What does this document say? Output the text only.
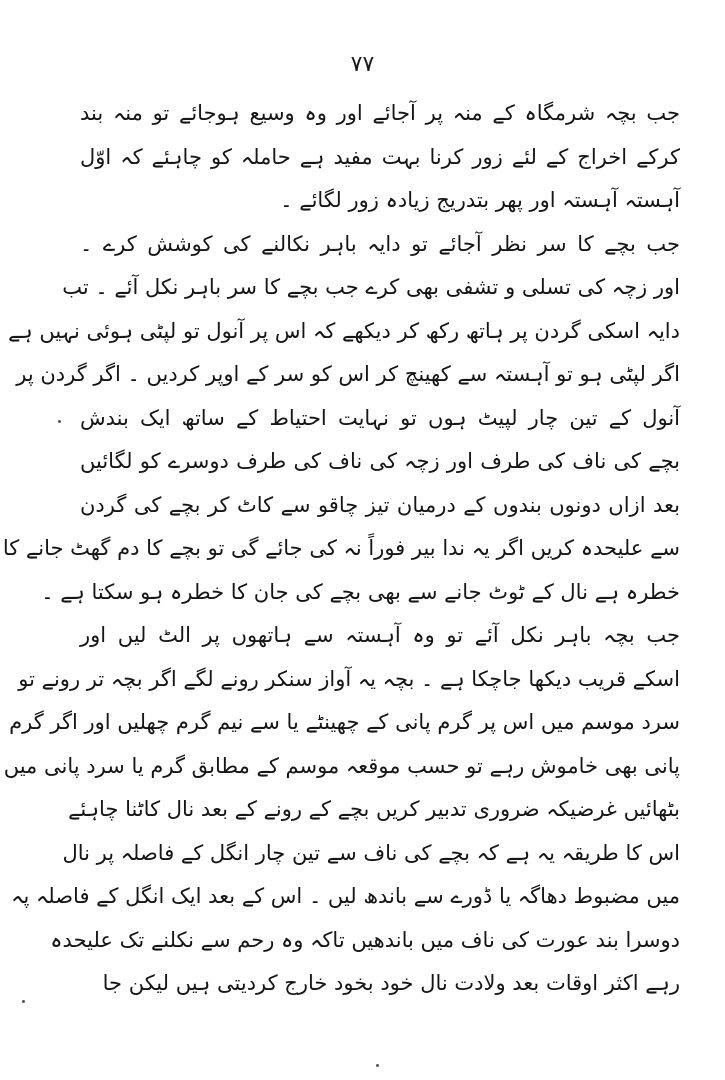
۷۷
جب بچہ شرمگاہ کے منہ پر آجائے اور وہ وسیع ہوجائے تو منہ بند
کرکے اخراج کے لئے زور کرنا بہت مفید ہے حاملہ کو چاہئے کہ اوّل
آہستہ آہستہ اور پھر بتدریج زیادہ زور لگائے ۔
جب بچے کا سر نظر آجائے تو دایہ باہر نکالنے کی کوشش کرے ۔
اور زچہ کی تسلی و تشفی بھی کرے جب بچے کا سر باہر نکل آئے ۔ تب
دایہ اسکی گردن پر ہاتھ رکھ کر دیکھے کہ اس پر آنول تو لپٹی ہوئی نہیں ہے
اگر لپٹی ہو تو آہستہ سے کھینچ کر اس کو سر کے اوپر کردیں ۔ اگر گردن پر
آنول کے تین چار لپیٹ ہوں تو نہایت احتیاط کے ساتھ ایک بندش
بچے کی ناف کی طرف اور زچہ کی ناف کی طرف دوسرے کو لگائیں
بعد ازاں دونوں بندوں کے درمیان تیز چاقو سے کاٹ کر بچے کی گردن
سے علیحدہ کریں اگر یہ ندا بیر فوراً نہ کی جائے گی تو بچے کا دم گھٹ جانے کا
خطرہ ہے نال کے ٹوٹ جانے سے بھی بچے کی جان کا خطرہ ہو سکتا ہے ۔
جب بچہ باہر نکل آئے تو وہ آہستہ سے ہاتھوں پر الٹ لیں اور
اسکے قریب دیکھا جاچکا ہے ۔ بچہ یہ آواز سنکر رونے لگے اگر بچہ تر رونے تو
سرد موسم میں اس پر گرم پانی کے چھینٹے یا سے نیم گرم چھلیں اور اگر گرم
پانی بھی خاموش رہے تو حسب موقعہ موسم کے مطابق گرم یا سرد پانی میں
بٹھائیں غرضیکہ ضروری تدبیر کریں بچے کے رونے کے بعد نال کاٹنا چاہئے
اس کا طریقہ یہ ہے کہ بچے کی ناف سے تین چار انگل کے فاصلہ پر نال
میں مضبوط دھاگہ یا ڈورے سے باندھ لیں ۔ اس کے بعد ایک انگل کے فاصلہ پہ
دوسرا بند عورت کی ناف میں باندھیں تاکہ وہ رحم سے نکلنے تک علیحدہ
رہے اکثر اوقات بعد ولادت نال خود بخود خارج کردیتی ہیں لیکن جا
